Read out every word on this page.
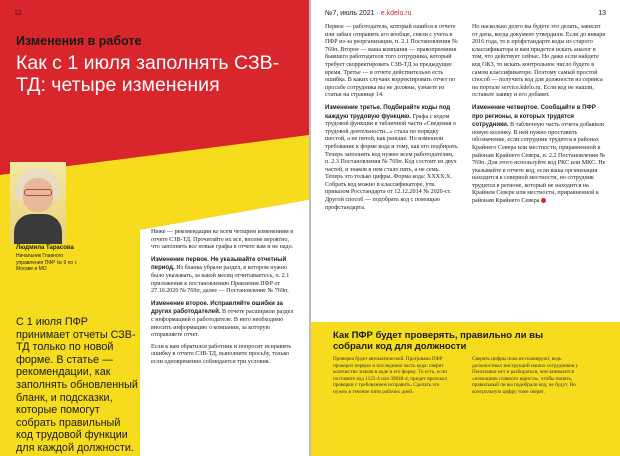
12
Изменения в работе
Как с 1 июля заполнять СЗВ-ТД: четыре изменения
Людмила Тарасова
Начальник Главного управления ПФР № 9 по г. Москве и МО

С 1 июля ПФР принимает отчеты СЗВ-ТД только по новой форме. В статье — рекомендации, как заполнять обновленный бланк, и подсказки, которые помогут собрать правильный код трудовой функции для каждой должности.

Ниже — рекомендации ко всем четырем изменениям в отчете СЗВ-ТД. Прочитайте их все, вполне вероятно, что заполнять все новые графы в отчете вам и не надо.

Изменение первое. Не указывайте отчетный период. Из бланка убрали раздел, в котором нужно было указывать, за какой месяц отчитываетесь, п. 2.1 приложения к постановлению Правления ПФР от 27.10.2020 № 769п, далее — Постановление № 769п.

Изменение второе. Исправляйте ошибки за других работодателей. В отчете расширили раздел с информацией о работодателе. В него необходимо вносить информацию о компании, за которую отправляете отчет.

Если к вам обратился работник и попросит исправить ошибку в отчете СЗВ-ТД, выполните просьбу, только если одновременно соблюдается три условия.

№7, июль 2021 · e.kdelo.ru	13

Первое — работодатель, который ошибся в отчете или забыл отправить его вообще, сняли с учета в ПФР из-за реорганизации, п. 2.1 Постановления № 769п. Второе — ваша компания — правопреемник бывшего работодателя того сотрудника, который требует скорректировать СЗВ-ТД за предыдущее время. Третье — в отчете действительно есть ошибка. В каких случаях корректировать отчет по просьбе сотрудника вы не должны, узнаете из статьи на странице 14.

Изменение третье. Подбирайте коды под каждую трудовую функцию. Графа с кодом трудовой функции в табличной части «Сведения о трудовой деятельности...» стала по порядку шестой, а не пятой, как раньше. Но изменили требование к форме кода и тому, как его подбирать. Теперь заполнять код нужно всем работодателям, п. 2.3 Постановления № 769п. Код состоит из двух частей, и знаков в нем стало пять, а не семь. Теперь это только цифры. Форма кода: XXXX.X. Собрать код можно в классификаторе, утв. приказом Росстандарта от 12.12.2014 № 2020-ст. Другой способ — подобрать код с помощью профстандарта.

Но насколько долго вы будете это делать, зависит от даты, когда документ утвердили. Если до января 2016 года, то в профстандарте коды из старого классификатора и вам придется искать аналог в том, что действует сейчас. Но даже если найдете код ОКЗ, то искать контрольное число будете в самом классификаторе. Поэтому самый простой способ — получить код для должности из сервиса на портале service.kdelo.ru. Если код не нашли, оставьте заявку и его добавят.

Изменение четвертое. Сообщайте в ПФР про регионы, в которых трудятся сотрудники. В табличную часть отчета добавили новую колонку. В ней нужно проставить обозначение, если сотрудник трудится в районах Крайнего Севера или местности, приравненной к районам Крайнего Севера, п. 2.2 Постановления № 769п. Для этого используйте код РКС или МКС. Не указывайте в отчете код, если ваша организация находится в северной местности, но сотрудник трудится в регионе, который не находится на Крайнем Севере или местности, приравненной к районам Крайнего Севера

Как ПФР будет проверять, правильно ли вы собрали код для должности

Проверка будет автоматической. Программа ПФР проверит первую и последнюю часть кода: сверит количество знаков в коде и его форму. То есть, если поставите код 1125-4 или 39648-4, придет протокол проверки с требованием исправить. Сделать это нужно в течение пяти рабочих дней.

Сверять цифры пока не планируют, ведь должностных инструкций наших сотрудников у Пенсионки нет и разбираться, чем занимается «помощник главного юриста», чтобы понять, правильный ли вы подобрали код, не будут. Но контрольную цифру тоже сверят.
